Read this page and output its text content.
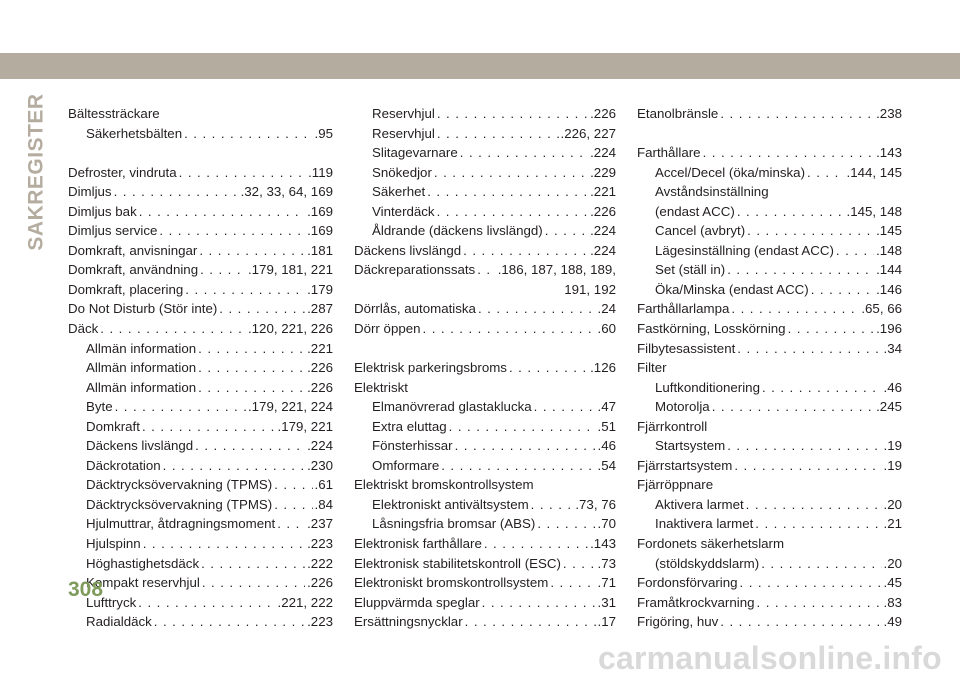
SAKREGISTER Bältessträckare
Säkerhetsbälten . . .	.95
Defroster, vindruta . . .	.119
Dimljus . . .	.32, 33, 64, 169
Dimljus bak . . .	.169
Dimljus service . . .	.169
Domkraft, anvisningar . . .	.181
Domkraft, användning . . .	.179, 181, 221
Domkraft, placering . . .	.179
Do Not Disturb (Stör inte) . . .	.287
Däck . . .	.120, 221, 226
Allmän information . . .	.221
Allmän information . . .	.226
Allmän information . . .	.226
Byte . . .	.179, 221, 224
Domkraft . . .	.179, 221
Däckens livslängd . . .	.224
Däckrotation . . .	.230
Däcktrycksövervakning (TPMS) . . .	.61
Däcktrycksövervakning (TPMS) . . .	.84
Hjulmuttrar, åtdragningsmoment . . . .237
Hjulspinn . . .	.223
Höghastighetsdäck . . .	.222
Kompakt reservhjul . . .	.226
Lufttryck . . .	.221, 222
Radialdäck . . .	.223
Reservhjul . . .	.226
Reservhjul . . .	.226, 227
Slitagevarnare . . .	.224
Snökedjor . . .	.229
Säkerhet . . .	.221
Vinterdäck . . .	.226
Åldrande (däckens livslängd) . . .	.224
Däckens livslängd . . .	.224
Däckreparationssats . . . .186, 187, 188, 189,
191, 192
Dörrlås, automatiska . . .	.24
Dörr öppen . . .	.60
Elektrisk parkeringsbroms . . .	.126
Elektriskt
Elmanövrerad glastaklucka . . .	.47
Extra eluttag . . .	.51
Fönsterhissar . . .	.46
Omformare . . .	.54
Elektriskt bromskontrollsystem
Elektroniskt antivältsystem . . .	.73, 76
Låsningsfria bromsar (ABS) . . .	.70
Elektronisk farthållare . . .	.143
Elektronisk stabilitetskontroll (ESC) . . .	.73
Elektroniskt bromskontrollsystem . . .	.71
Eluppvärmda speglar . . .	.31
Ersättningsnycklar . . .	.17
Etanolbränsle . . .	.238
Farthållare . . .	.143
Accel/Decel (öka/minska) . . .	.144, 145
Avståndsinställning
(endast ACC) . . .	.145, 148
Cancel (avbryt) . . .	.145
Lägesinställning (endast ACC) . . .	.148
Set (ställ in) . . .	.144
Öka/Minska (endast ACC) . . .	.146
Farthållarlampa . . .	.65, 66
Fastkörning, Losskörning . . .	.196
Filbytesassistent . . .	.34
Filter
Luftkonditionering . . .	.46
Motorolja . . .	.245
Fjärrkontroll
Startsystem . . .	.19
Fjärrstartsystem . . .	.19
Fjärröppnare
Aktivera larmet . . .	.20
Inaktivera larmet . . .	.21
Fordonets säkerhetslarm
(stöldskyddslarm) . . .	.20
Fordonsförvaring . . .	.45
Framåtkrockvarning . . .	.83
Frigöring, huv . . .	.49
308
carmanualsonline.info
